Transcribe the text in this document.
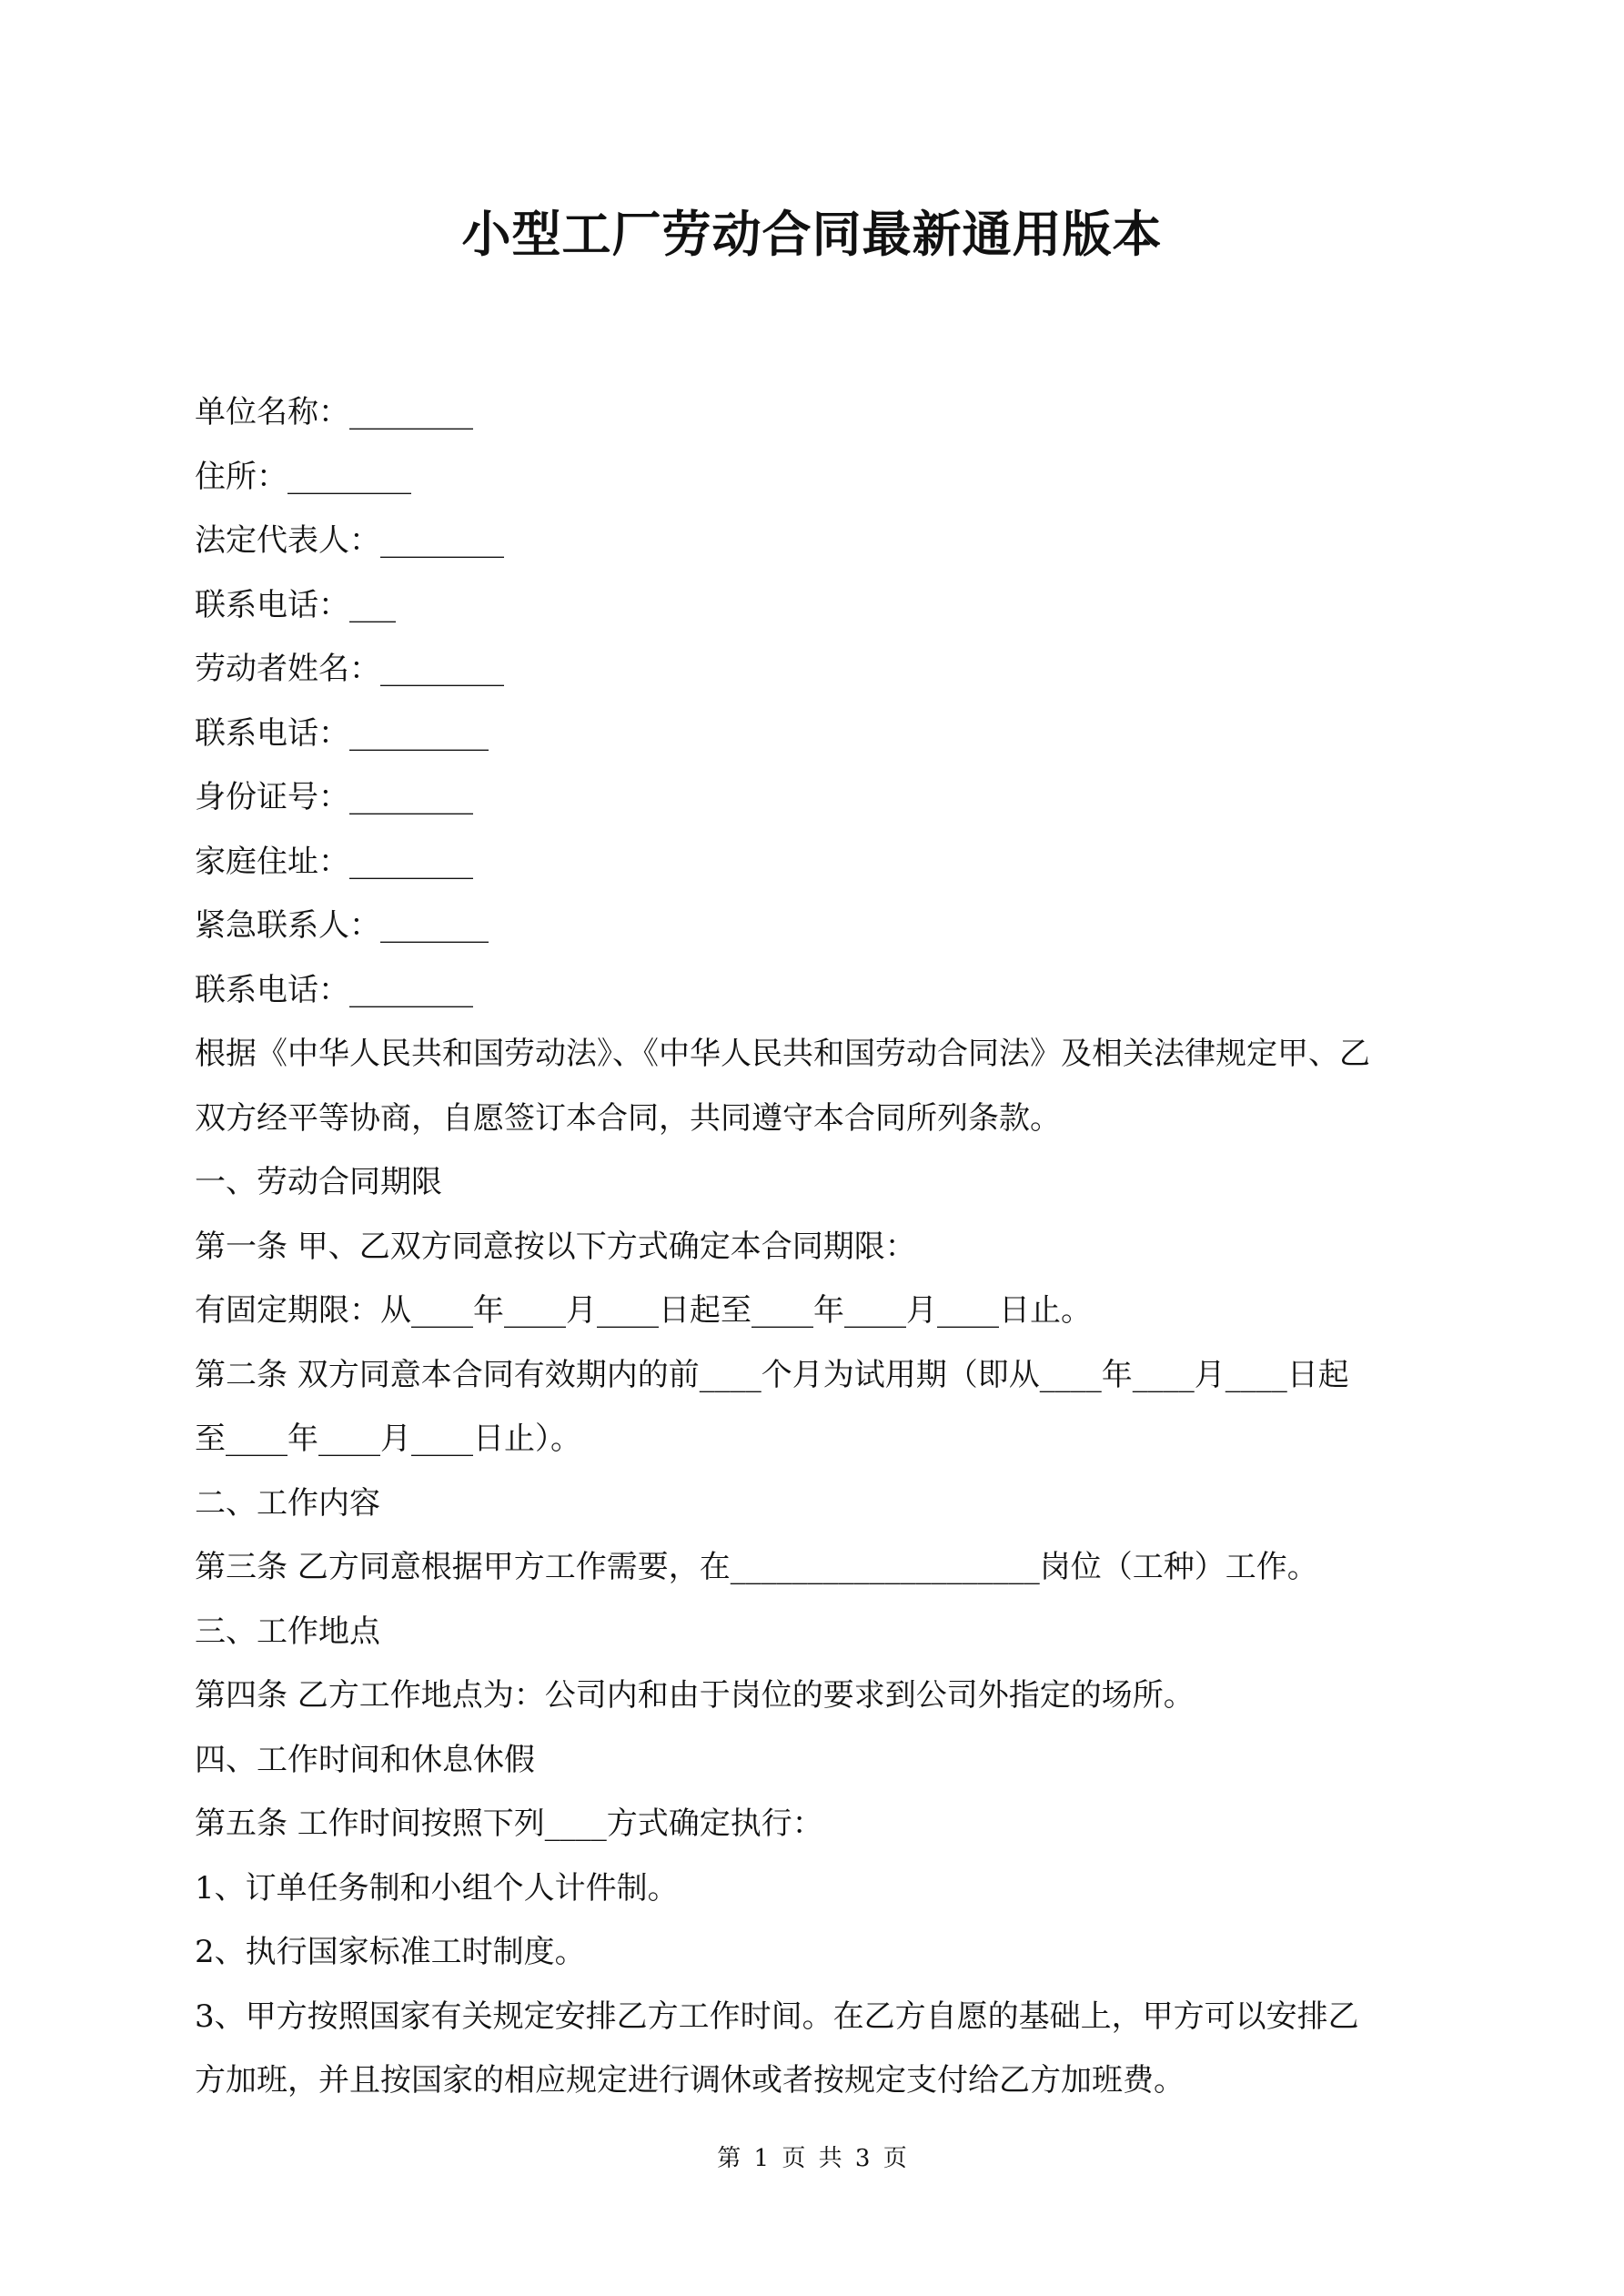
小型工厂劳动合同最新通用版本
单位名称：________
住所：________
法定代表人：________
联系电话：___
劳动者姓名：________
联系电话：_________
身份证号：________
家庭住址：________
紧急联系人：_______
联系电话：________
根据《中华人民共和国劳动法》、《中华人民共和国劳动合同法》及相关法律规定甲、乙
双方经平等协商，自愿签订本合同，共同遵守本合同所列条款。
一、劳动合同期限
第一条 甲、乙双方同意按以下方式确定本合同期限：
有固定期限：从____年____月____日起至____年____月____日止。
第二条 双方同意本合同有效期内的前____个月为试用期（即从____年____月____日起
至____年____月____日止）。
二、工作内容
第三条 乙方同意根据甲方工作需要，在____________________岗位（工种）工作。
三、工作地点
第四条 乙方工作地点为：公司内和由于岗位的要求到公司外指定的场所。
四、工作时间和休息休假
第五条 工作时间按照下列____方式确定执行：
1、订单任务制和小组个人计件制。
2、执行国家标准工时制度。
3、甲方按照国家有关规定安排乙方工作时间。在乙方自愿的基础上，甲方可以安排乙
方加班，并且按国家的相应规定进行调休或者按规定支付给乙方加班费。
第 1 页 共 3 页
